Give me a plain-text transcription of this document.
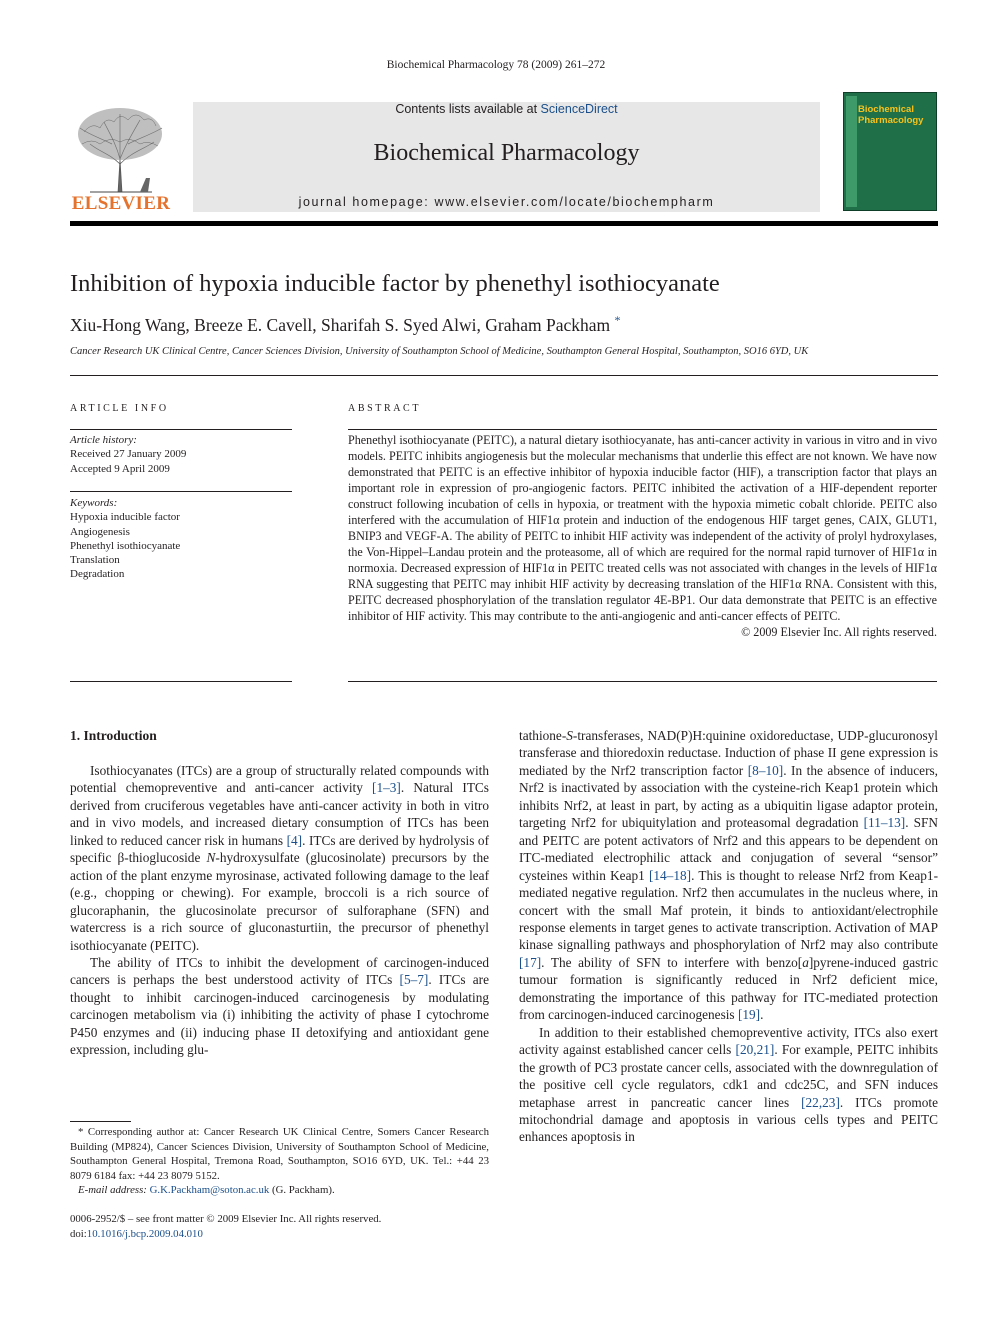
Biochemical Pharmacology 78 (2009) 261–272
ELSEVIER
Contents lists available at ScienceDirect
Biochemical Pharmacology
journal homepage: www.elsevier.com/locate/biochempharm
Biochemical Pharmacology
Inhibition of hypoxia inducible factor by phenethyl isothiocyanate
Xiu-Hong Wang, Breeze E. Cavell, Sharifah S. Syed Alwi, Graham Packham *
Cancer Research UK Clinical Centre, Cancer Sciences Division, University of Southampton School of Medicine, Southampton General Hospital, Southampton, SO16 6YD, UK
ARTICLE INFO
Article history:
Received 27 January 2009
Accepted 9 April 2009
Keywords:
Hypoxia inducible factor
Angiogenesis
Phenethyl isothiocyanate
Translation
Degradation
ABSTRACT
Phenethyl isothiocyanate (PEITC), a natural dietary isothiocyanate, has anti-cancer activity in various in vitro and in vivo models. PEITC inhibits angiogenesis but the molecular mechanisms that underlie this effect are not known. We have now demonstrated that PEITC is an effective inhibitor of hypoxia inducible factor (HIF), a transcription factor that plays an important role in expression of pro-angiogenic factors. PEITC inhibited the activation of a HIF-dependent reporter construct following incubation of cells in hypoxia, or treatment with the hypoxia mimetic cobalt chloride. PEITC also interfered with the accumulation of HIF1α protein and induction of the endogenous HIF target genes, CAIX, GLUT1, BNIP3 and VEGF-A. The ability of PEITC to inhibit HIF activity was independent of the activity of prolyl hydroxylases, the Von-Hippel–Landau protein and the proteasome, all of which are required for the normal rapid turnover of HIF1α in normoxia. Decreased expression of HIF1α in PEITC treated cells was not associated with changes in the levels of HIF1α RNA suggesting that PEITC may inhibit HIF activity by decreasing translation of the HIF1α RNA. Consistent with this, PEITC decreased phosphorylation of the translation regulator 4E-BP1. Our data demonstrate that PEITC is an effective inhibitor of HIF activity. This may contribute to the anti-angiogenic and anti-cancer effects of PEITC.
© 2009 Elsevier Inc. All rights reserved.
1. Introduction

Isothiocyanates (ITCs) are a group of structurally related compounds with potential chemopreventive and anti-cancer activity [1–3]. Natural ITCs derived from cruciferous vegetables have anti-cancer activity in both in vitro and in vivo models, and increased dietary consumption of ITCs has been linked to reduced cancer risk in humans [4]. ITCs are derived by hydrolysis of specific β-thioglucoside N-hydroxysulfate (glucosinolate) precursors by the action of the plant enzyme myrosinase, activated following damage to the leaf (e.g., chopping or chewing). For example, broccoli is a rich source of glucoraphanin, the glucosinolate precursor of sulforaphane (SFN) and watercress is a rich source of gluconasturtiin, the precursor of phenethyl isothiocyanate (PEITC).

The ability of ITCs to inhibit the development of carcinogen-induced cancers is perhaps the best understood activity of ITCs [5–7]. ITCs are thought to inhibit carcinogen-induced carcinogenesis by modulating carcinogen metabolism via (i) inhibiting the activity of phase I cytochrome P450 enzymes and (ii) inducing phase II detoxifying and antioxidant gene expression, including glu-

tathione-S-transferases, NAD(P)H:quinine oxidoreductase, UDP-glucuronosyl transferase and thioredoxin reductase. Induction of phase II gene expression is mediated by the Nrf2 transcription factor [8–10]. In the absence of inducers, Nrf2 is inactivated by association with the cysteine-rich Keap1 protein which inhibits Nrf2, at least in part, by acting as a ubiquitin ligase adaptor protein, targeting Nrf2 for ubiquitylation and proteasomal degradation [11–13]. SFN and PEITC are potent activators of Nrf2 and this appears to be dependent on ITC-mediated electrophilic attack and conjugation of several “sensor” cysteines within Keap1 [14–18]. This is thought to release Nrf2 from Keap1-mediated negative regulation. Nrf2 then accumulates in the nucleus where, in concert with the small Maf protein, it binds to antioxidant/electrophile response elements in target genes to activate transcription. Activation of MAP kinase signalling pathways and phosphorylation of Nrf2 may also contribute [17]. The ability of SFN to interfere with benzo[a]pyrene-induced gastric tumour formation is significantly reduced in Nrf2 deficient mice, demonstrating the importance of this pathway for ITC-mediated protection from carcinogen-induced carcinogenesis [19].

In addition to their established chemopreventive activity, ITCs also exert activity against established cancer cells [20,21]. For example, PEITC inhibits the growth of PC3 prostate cancer cells, associated with the downregulation of the positive cell cycle regulators, cdk1 and cdc25C, and SFN induces metaphase arrest in pancreatic cancer lines [22,23]. ITCs promote mitochondrial damage and apoptosis in various cells types and PEITC enhances apoptosis in

* Corresponding author at: Cancer Research UK Clinical Centre, Somers Cancer Research Building (MP824), Cancer Sciences Division, University of Southampton School of Medicine, Southampton General Hospital, Tremona Road, Southampton, SO16 6YD, UK. Tel.: +44 23 8079 6184 fax: +44 23 8079 5152.

E-mail address: G.K.Packham@soton.ac.uk (G. Packham).

0006-2952/$ – see front matter © 2009 Elsevier Inc. All rights reserved.
doi:10.1016/j.bcp.2009.04.010
